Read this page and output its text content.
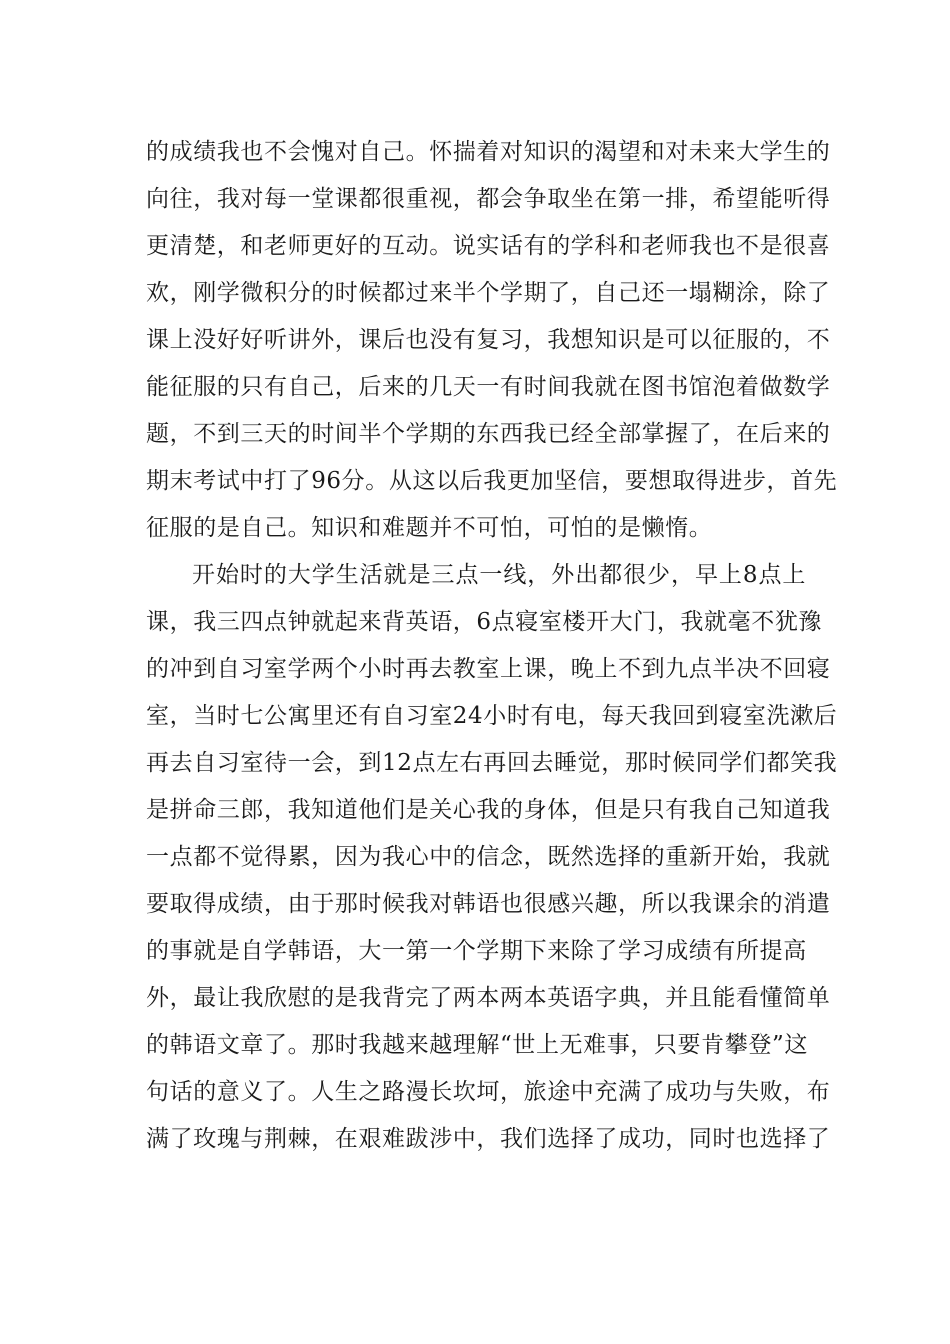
的成绩我也不会愧对自己。怀揣着对知识的渴望和对未来大学生的
向往，我对每一堂课都很重视，都会争取坐在第一排，希望能听得
更清楚，和老师更好的互动。说实话有的学科和老师我也不是很喜
欢，刚学微积分的时候都过来半个学期了，自己还一塌糊涂，除了
课上没好好听讲外，课后也没有复习，我想知识是可以征服的，不
能征服的只有自己，后来的几天一有时间我就在图书馆泡着做数学
题，不到三天的时间半个学期的东西我已经全部掌握了，在后来的
期末考试中打了96分。从这以后我更加坚信，要想取得进步，首先
征服的是自己。知识和难题并不可怕，可怕的是懒惰。
开始时的大学生活就是三点一线，外出都很少，早上8点上
课，我三四点钟就起来背英语，6点寝室楼开大门，我就毫不犹豫
的冲到自习室学两个小时再去教室上课，晚上不到九点半决不回寝
室，当时七公寓里还有自习室24小时有电，每天我回到寝室洗漱后
再去自习室待一会，到12点左右再回去睡觉，那时候同学们都笑我
是拼命三郎，我知道他们是关心我的身体，但是只有我自己知道我
一点都不觉得累，因为我心中的信念，既然选择的重新开始，我就
要取得成绩，由于那时候我对韩语也很感兴趣，所以我课余的消遣
的事就是自学韩语，大一第一个学期下来除了学习成绩有所提高
外，最让我欣慰的是我背完了两本两本英语字典，并且能看懂简单
的韩语文章了。那时我越来越理解“世上无难事，只要肯攀登”这
句话的意义了。人生之路漫长坎坷，旅途中充满了成功与失败，布
满了玫瑰与荆棘，在艰难跋涉中，我们选择了成功，同时也选择了
